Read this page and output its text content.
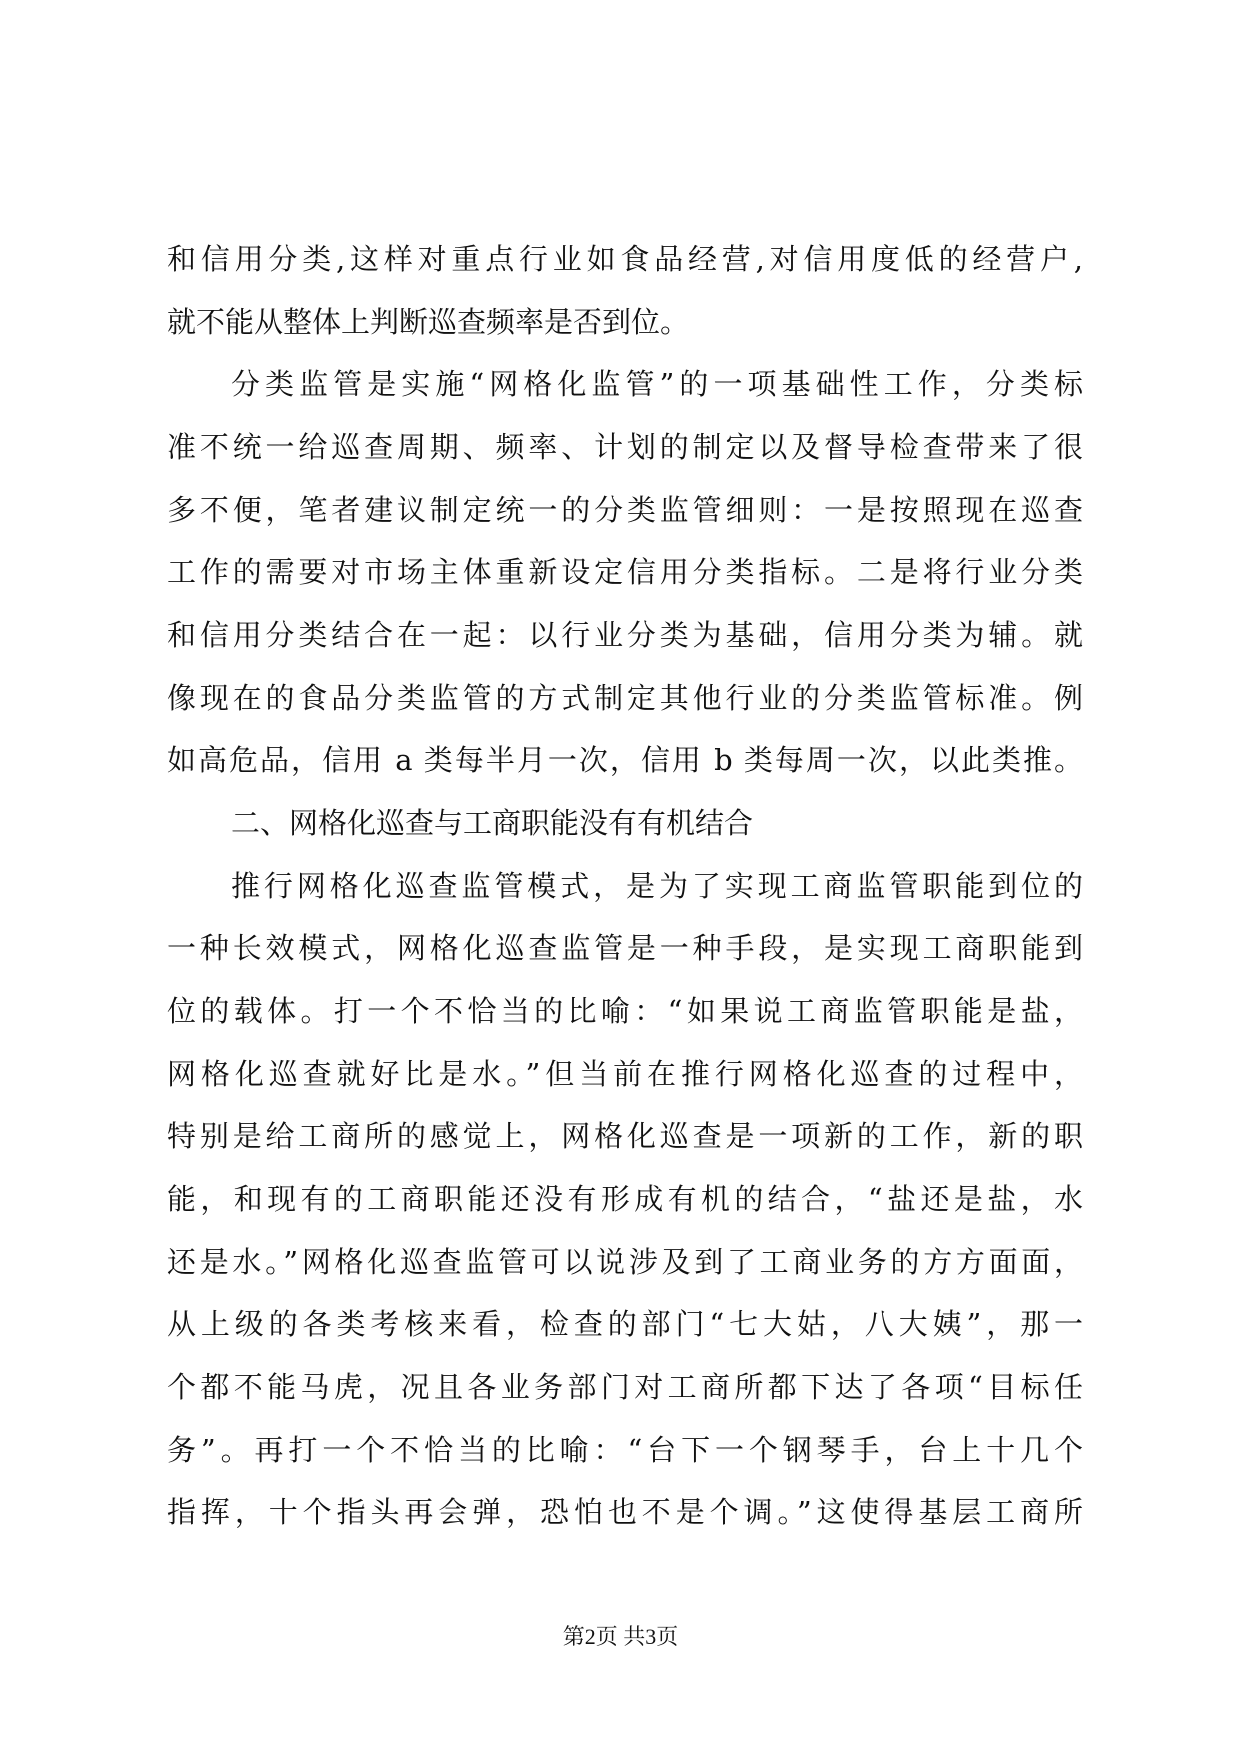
和信用分类,这样对重点行业如食品经营,对信用度低的经营户,
就不能从整体上判断巡查频率是否到位。
分类监管是实施“网格化监管”的一项基础性工作，分类标
准不统一给巡查周期、频率、计划的制定以及督导检查带来了很
多不便，笔者建议制定统一的分类监管细则：一是按照现在巡查
工作的需要对市场主体重新设定信用分类指标。二是将行业分类
和信用分类结合在一起：以行业分类为基础，信用分类为辅。就
像现在的食品分类监管的方式制定其他行业的分类监管标准。例
如高危品，信用 a 类每半月一次，信用 b 类每周一次，以此类推。
二、网格化巡查与工商职能没有有机结合
推行网格化巡查监管模式，是为了实现工商监管职能到位的
一种长效模式，网格化巡查监管是一种手段，是实现工商职能到
位的载体。打一个不恰当的比喻：“如果说工商监管职能是盐，
网格化巡查就好比是水。”但当前在推行网格化巡查的过程中，
特别是给工商所的感觉上，网格化巡查是一项新的工作，新的职
能，和现有的工商职能还没有形成有机的结合，“盐还是盐，水
还是水。”网格化巡查监管可以说涉及到了工商业务的方方面面，
从上级的各类考核来看，检查的部门“七大姑，八大姨”，那一
个都不能马虎，况且各业务部门对工商所都下达了各项“目标任
务”。再打一个不恰当的比喻：“台下一个钢琴手，台上十几个
指挥，十个指头再会弹，恐怕也不是个调。”这使得基层工商所
第2页 共3页
